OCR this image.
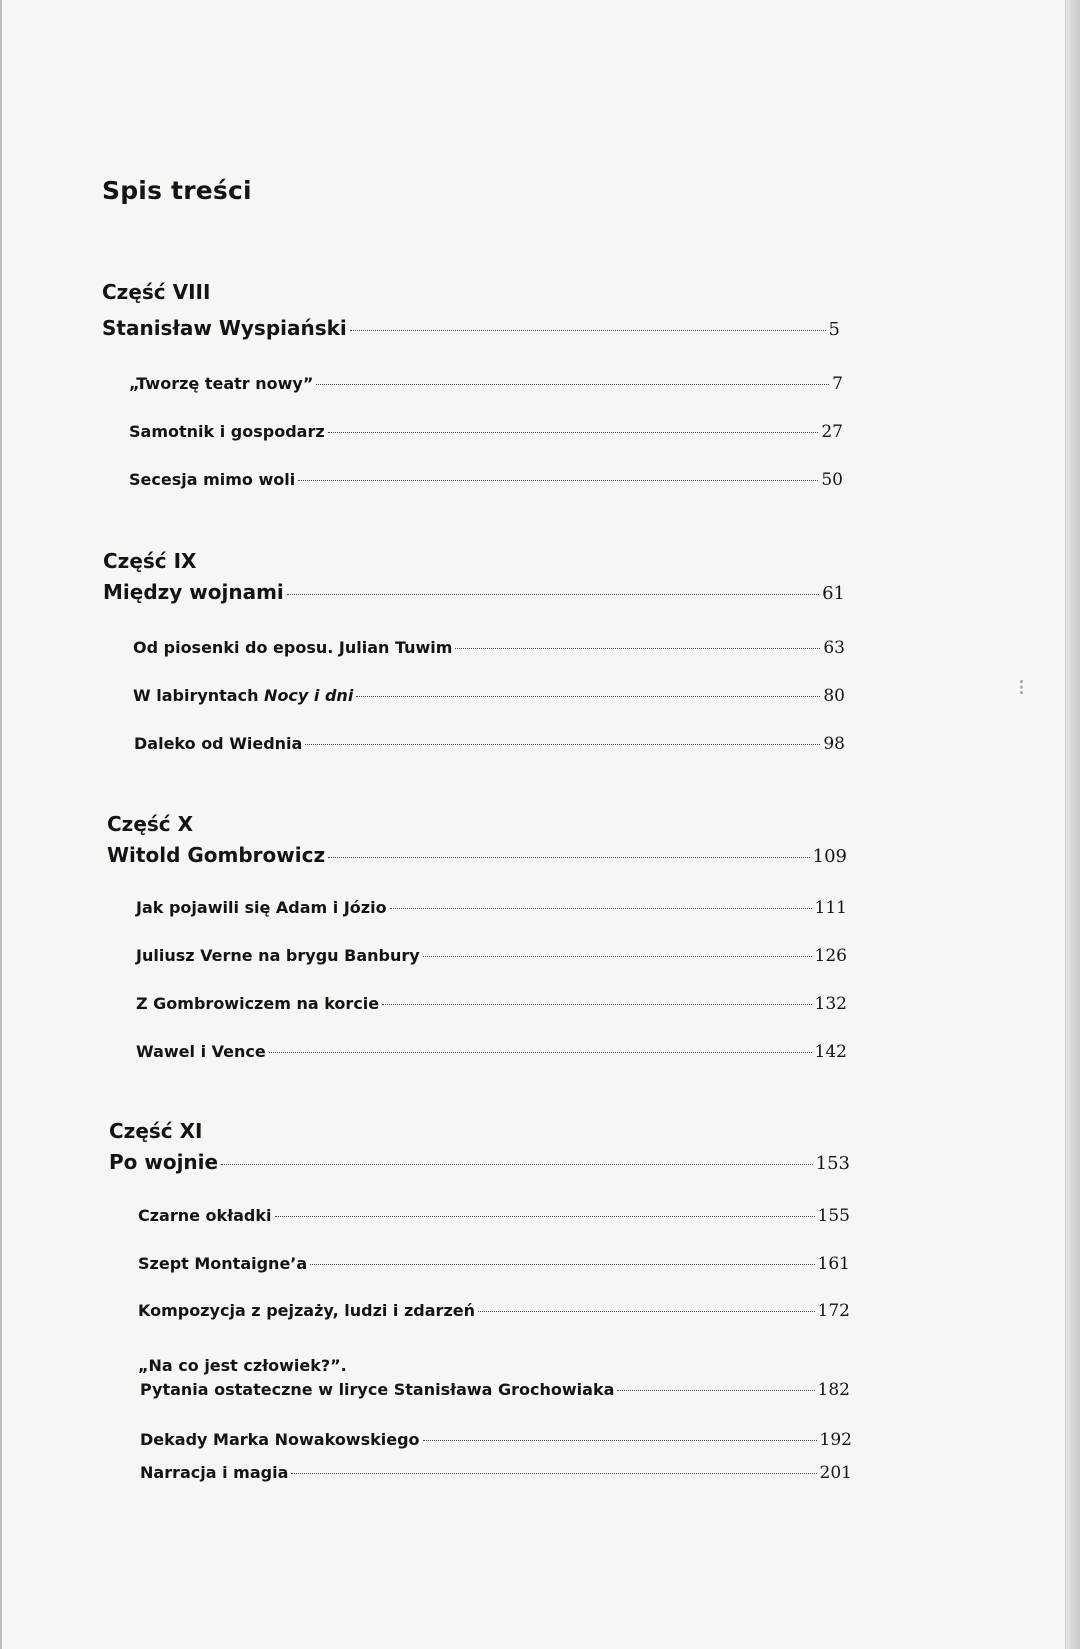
Spis treści
Część VIII
Stanisław Wyspiański	5
„Tworzę teatr nowy”	7
Samotnik i gospodarz	27
Secesja mimo woli	50
Część IX
Między wojnami	61
Od piosenki do eposu. Julian Tuwim	63
W labiryntach Nocy i dni	80
Daleko od Wiednia	98
Część X
Witold Gombrowicz	109
Jak pojawili się Adam i Józio	111
Juliusz Verne na brygu Banbury	126
Z Gombrowiczem na korcie	132
Wawel i Vence	142
Część XI
Po wojnie	153
Czarne okładki	155
Szept Montaigne’a	161
Kompozycja z pejzaży, ludzi i zdarzeń	172
„Na co jest człowiek?”.
Pytania ostateczne w liryce Stanisława Grochowiaka	182
Dekady Marka Nowakowskiego	192
Narracja i magia	201
⁝
